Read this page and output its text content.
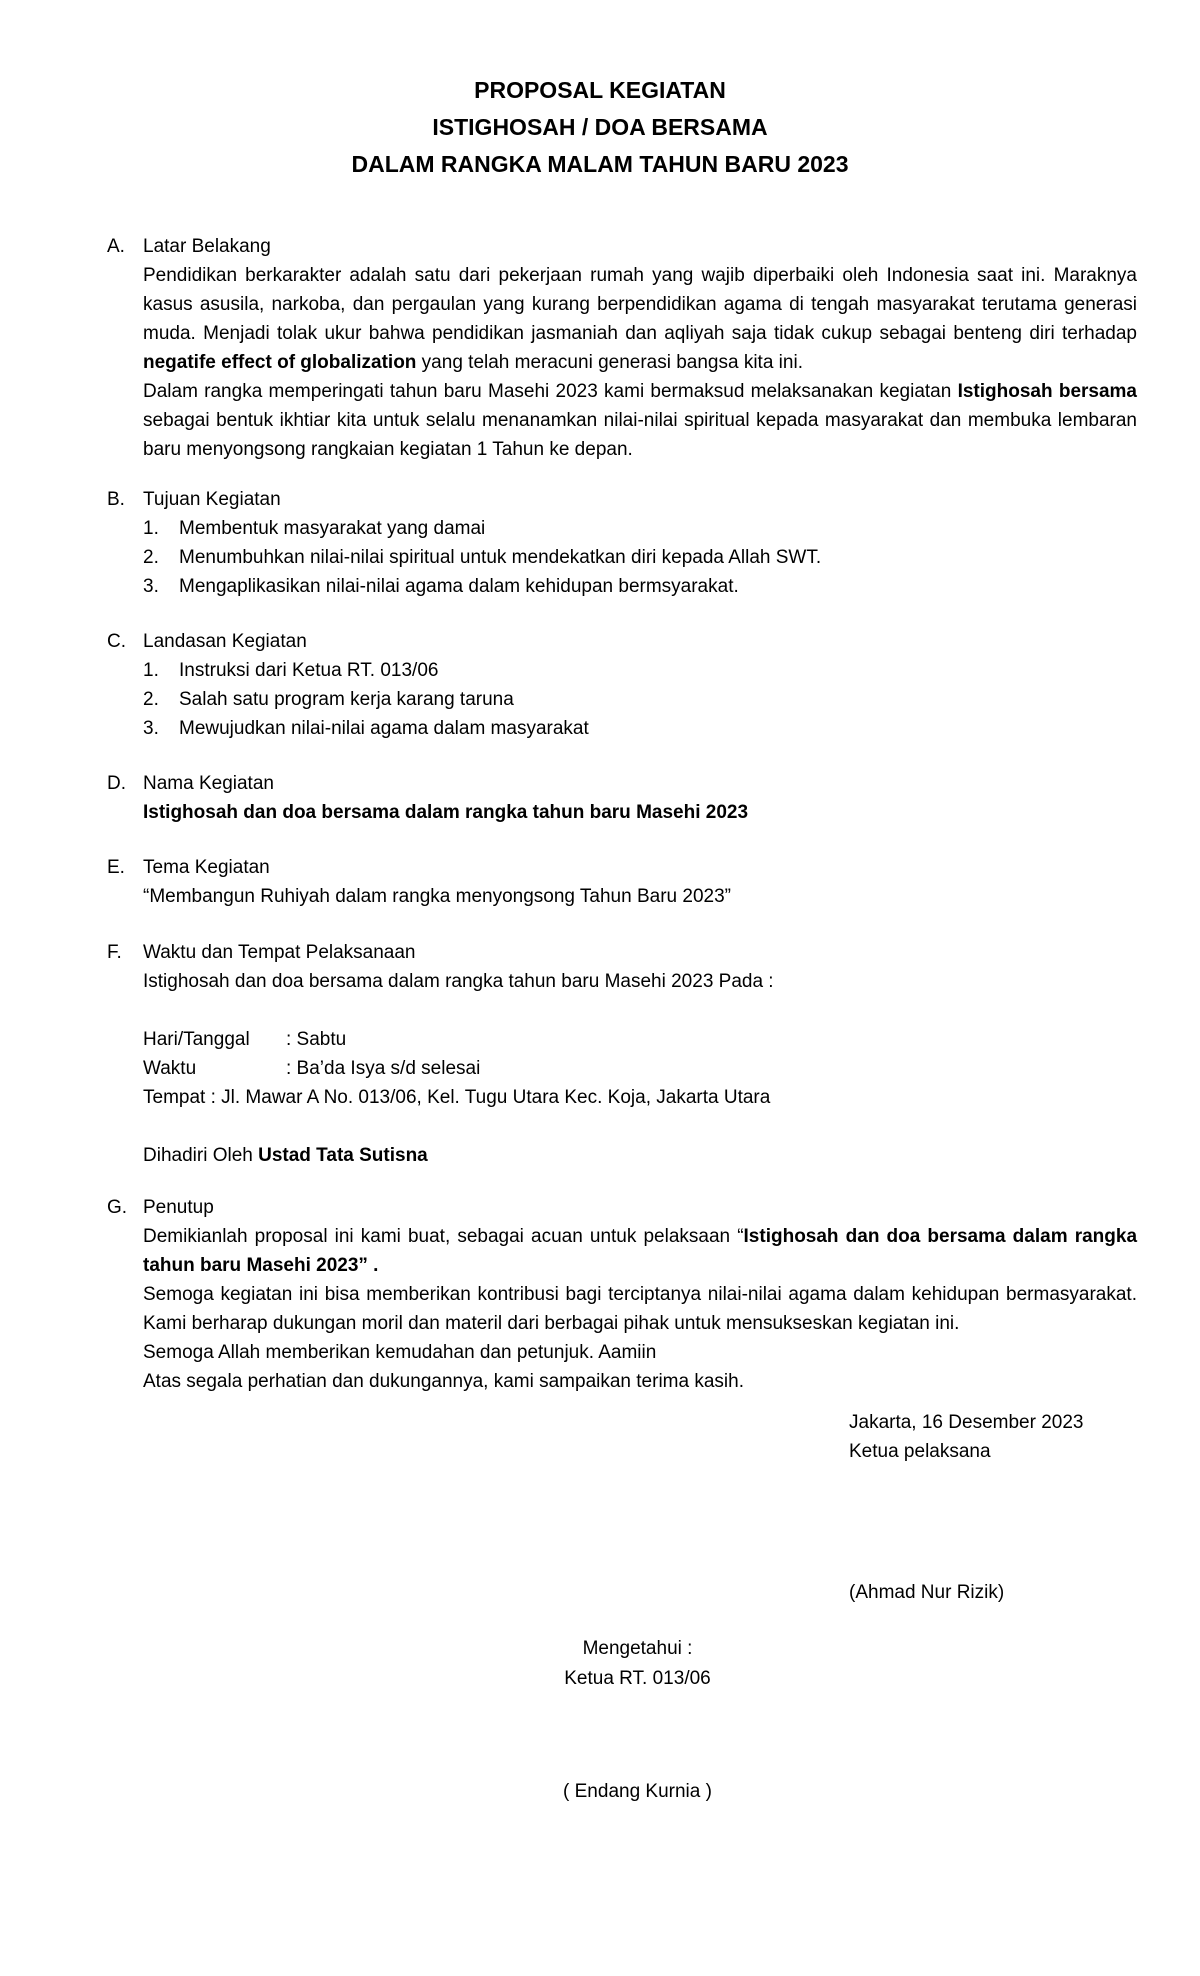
PROPOSAL KEGIATAN
ISTIGHOSAH / DOA BERSAMA
DALAM RANGKA MALAM TAHUN BARU 2023
A. Latar Belakang
Pendidikan berkarakter adalah satu dari pekerjaan rumah yang wajib diperbaiki oleh Indonesia saat ini. Maraknya kasus asusila, narkoba, dan pergaulan yang kurang berpendidikan agama di tengah masyarakat terutama generasi muda. Menjadi tolak ukur bahwa pendidikan jasmaniah dan aqliyah saja tidak cukup sebagai benteng diri terhadap negatife effect of globalization yang telah meracuni generasi bangsa kita ini.
Dalam rangka memperingati tahun baru Masehi 2023 kami bermaksud melaksanakan kegiatan Istighosah bersama sebagai bentuk ikhtiar kita untuk selalu menanamkan nilai-nilai spiritual kepada masyarakat dan membuka lembaran baru menyongsong rangkaian kegiatan 1 Tahun ke depan.
B. Tujuan Kegiatan
1. Membentuk masyarakat yang damai
2. Menumbuhkan nilai-nilai spiritual untuk mendekatkan diri kepada Allah SWT.
3. Mengaplikasikan nilai-nilai agama dalam kehidupan bermsyarakat.
C. Landasan Kegiatan
1. Instruksi dari Ketua RT. 013/06
2. Salah satu program kerja karang taruna
3. Mewujudkan nilai-nilai agama dalam masyarakat
D. Nama Kegiatan
Istighosah dan doa bersama dalam rangka tahun baru Masehi 2023
E. Tema Kegiatan
“Membangun Ruhiyah dalam rangka menyongsong Tahun Baru 2023”
F. Waktu dan Tempat Pelaksanaan
Istighosah dan doa bersama dalam rangka tahun baru Masehi 2023 Pada :
Hari/Tanggal : Sabtu
Waktu	: Ba’da Isya s/d selesai
Tempat : Jl. Mawar A No. 013/06, Kel. Tugu Utara Kec. Koja, Jakarta Utara
Dihadiri Oleh Ustad Tata Sutisna
G. Penutup
Demikianlah proposal ini kami buat, sebagai acuan untuk pelaksaan “Istighosah dan doa bersama dalam rangka tahun baru Masehi 2023” .
Semoga kegiatan ini bisa memberikan kontribusi bagi terciptanya nilai-nilai agama dalam kehidupan bermasyarakat. Kami berharap dukungan moril dan materil dari berbagai pihak untuk mensukseskan kegiatan ini.
Semoga Allah memberikan kemudahan dan petunjuk. Aamiin
Atas segala perhatian dan dukungannya, kami sampaikan terima kasih.
Jakarta, 16 Desember 2023
Ketua pelaksana
(Ahmad Nur Rizik)
Mengetahui :
Ketua RT. 013/06
( Endang Kurnia )
